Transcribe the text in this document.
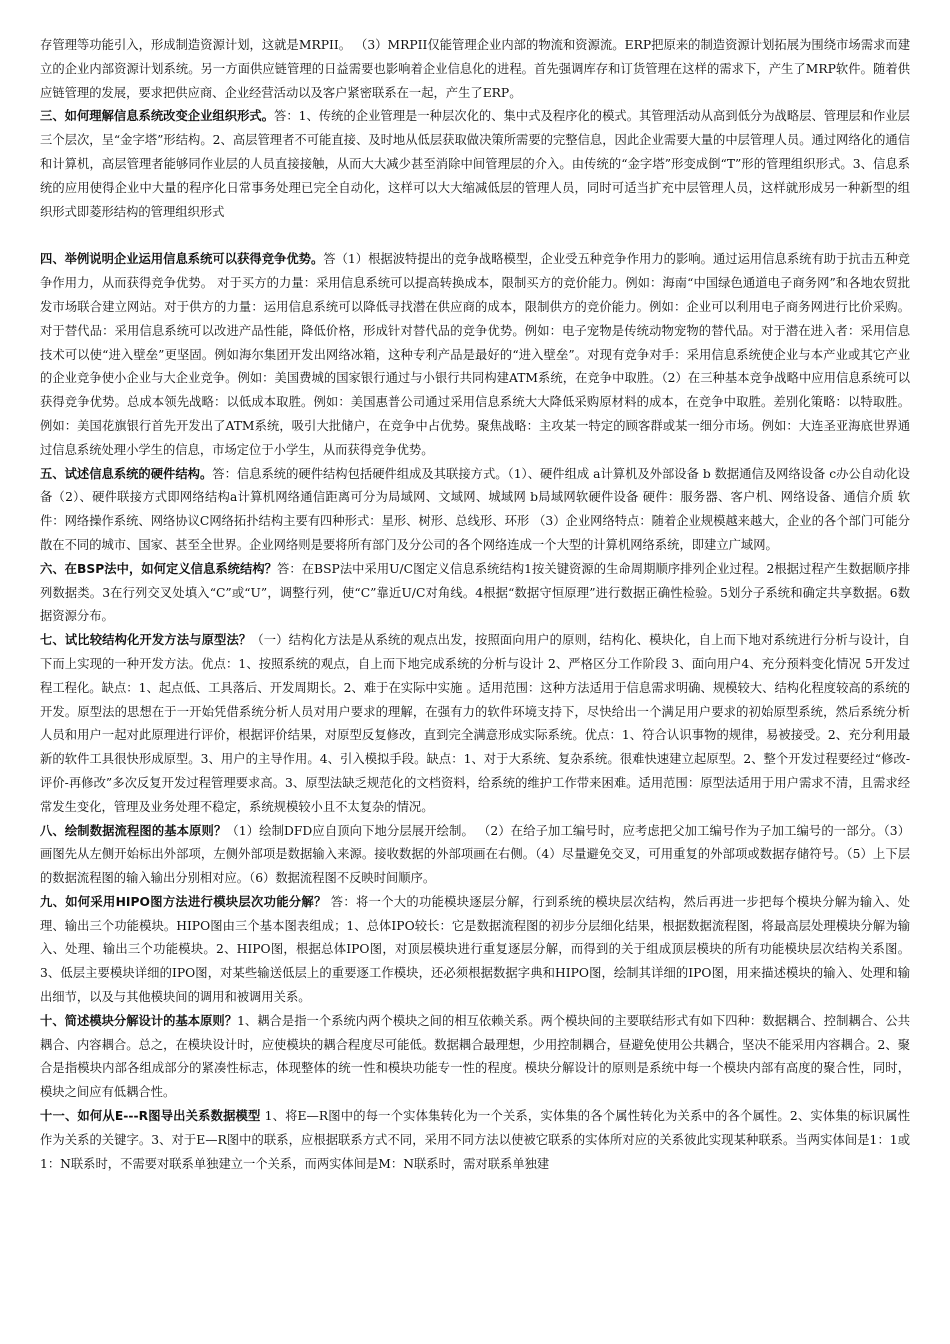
存管理等功能引入，形成制造资源计划，这就是MRPII。 （3）MRPII仅能管理企业内部的物流和资源流。ERP把原来的制造资源计划拓展为围绕市场需求而建立的企业内部资源计划系统。另一方面供应链管理的日益需要也影响着企业信息化的进程。首先强调库存和订货管理在这样的需求下，产生了MRP软件。随着供应链管理的发展，要求把供应商、企业经营活动以及客户紧密联系在一起，产生了ERP。

三、如何理解信息系统改变企业组织形式。答：1、传统的企业管理是一种层次化的、集中式及程序化的模式。其管理活动从高到低分为战略层、管理层和作业层三个层次，呈“金字塔”形结构。2、高层管理者不可能直接、及时地从低层获取做决策所需要的完整信息，因此企业需要大量的中层管理人员。通过网络化的通信和计算机，高层管理者能够同作业层的人员直接接触，从而大大减少甚至消除中间管理层的介入。由传统的“金字塔”形变成倒“T”形的管理组织形式。3、信息系统的应用使得企业中大量的程序化日常事务处理已完全自动化，这样可以大大缩减低层的管理人员，同时可适当扩充中层管理人员，这样就形成另一种新型的组织形式即菱形结构的管理组织形式

四、举例说明企业运用信息系统可以获得竞争优势。答（1）根据波特提出的竞争战略模型，企业受五种竞争作用力的影响。通过运用信息系统有助于抗击五种竞争作用力，从而获得竞争优势。 对于买方的力量：采用信息系统可以提高转换成本，限制买方的竞价能力。例如：海南“中国绿色通道电子商务网”和各地农贸批发市场联合建立网站。对于供方的力量：运用信息系统可以降低寻找潜在供应商的成本，限制供方的竞价能力。例如：企业可以利用电子商务网进行比价采购。对于替代品：采用信息系统可以改进产品性能，降低价格，形成针对替代品的竞争优势。例如：电子宠物是传统动物宠物的替代品。对于潜在进入者：采用信息技术可以使“进入壁垒”更坚固。例如海尔集团开发出网络冰箱，这种专利产品是最好的“进入壁垒”。对现有竞争对手：采用信息系统使企业与本产业或其它产业的企业竞争使小企业与大企业竞争。例如：美国费城的国家银行通过与小银行共同构建ATM系统，在竞争中取胜。（2）在三种基本竞争战略中应用信息系统可以获得竞争优势。总成本领先战略：以低成本取胜。例如：美国惠普公司通过采用信息系统大大降低采购原材料的成本，在竞争中取胜。差别化策略：以特取胜。例如：美国花旗银行首先开发出了ATM系统，吸引大批储户，在竞争中占优势。聚焦战略：主攻某一特定的顾客群或某一细分市场。例如：大连圣亚海底世界通过信息系统处理小学生的信息，市场定位于小学生，从而获得竞争优势。

五、试述信息系统的硬件结构。答：信息系统的硬件结构包括硬件组成及其联接方式。（1）、硬件组成 a计算机及外部设备 b 数据通信及网络设备 c办公自动化设备（2）、硬件联接方式即网络结构a计算机网络通信距离可分为局域网、文域网、城域网 b局域网软硬件设备 硬件：服务器、客户机、网络设备、通信介质 软件：网络操作系统、网络协议C网络拓扑结构主要有四种形式：星形、树形、总线形、环形 （3）企业网络特点：随着企业规模越来越大，企业的各个部门可能分散在不同的城市、国家、甚至全世界。企业网络则是要将所有部门及分公司的各个网络连成一个大型的计算机网络系统，即建立广域网。

六、在BSP法中，如何定义信息系统结构？答：在BSP法中采用U/C图定义信息系统结构1按关键资源的生命周期顺序排列企业过程。2根据过程产生数据顺序排列数据类。3在行列交叉处填入“C”或“U”，调整行列，使“C”靠近U/C对角线。4根据“数据守恒原理”进行数据正确性检验。5划分子系统和确定共享数据。6数据资源分布。

七、试比较结构化开发方法与原型法？（一）结构化方法是从系统的观点出发，按照面向用户的原则，结构化、模块化，自上而下地对系统进行分析与设计，自下而上实现的一种开发方法。优点：1、按照系统的观点，自上而下地完成系统的分析与设计 2、严格区分工作阶段 3、面向用户4、充分预料变化情况 5开发过程工程化。缺点：1、起点低、工具落后、开发周期长。2、难于在实际中实施 。适用范围：这种方法适用于信息需求明确、规模较大、结构化程度较高的系统的开发。原型法的思想在于一开始凭借系统分析人员对用户要求的理解，在强有力的软件环境支持下，尽快给出一个满足用户要求的初始原型系统，然后系统分析人员和用户一起对此原理进行评价，根据评价结果，对原型反复修改，直到完全满意形成实际系统。优点：1、符合认识事物的规律，易被接受。2、充分利用最新的软件工具很快形成原型。3、用户的主导作用。4、引入模拟手段。缺点：1、对于大系统、复杂系统。很难快速建立起原型。2、整个开发过程要经过“修改-评价-再修改”多次反复开发过程管理要求高。3、原型法缺乏规范化的文档资料，给系统的维护工作带来困难。适用范围：原型法适用于用户需求不清，且需求经常发生变化，管理及业务处理不稳定，系统规模较小且不太复杂的情况。

八、绘制数据流程图的基本原则？（1）绘制DFD应自顶向下地分层展开绘制。 （2）在给子加工编号时，应考虑把父加工编号作为子加工编号的一部分。（3）画图先从左侧开始标出外部项，左侧外部项是数据输入来源。接收数据的外部项画在右侧。（4）尽量避免交叉，可用重复的外部项或数据存储符号。（5）上下层的数据流程图的输入输出分别相对应。（6）数据流程图不反映时间顺序。

九、如何采用HIPO图方法进行模块层次功能分解？ 答：将一个大的功能模块逐层分解，行到系统的模块层次结构，然后再进一步把每个模块分解为输入、处理、输出三个功能模块。HIPO图由三个基本图表组成；1、总体IPO较长：它是数据流程图的初步分层细化结果，根据数据流程图，将最高层处理模块分解为输入、处理、输出三个功能模块。2、HIPO图，根据总体IPO图，对顶层模块进行重复逐层分解，而得到的关于组成顶层模块的所有功能模块层次结构关系图。3、低层主要模块详细的IPO图，对某些输送低层上的重要逐工作模块，还必须根据数据字典和HIPO图，绘制其详细的IPO图，用来描述模块的输入、处理和输出细节，以及与其他模块间的调用和被调用关系。

十、简述模块分解设计的基本原则？1、耦合是指一个系统内两个模块之间的相互依赖关系。两个模块间的主要联结形式有如下四种：数据耦合、控制耦合、公共耦合、内容耦合。总之，在模块设计时，应使模块的耦合程度尽可能低。数据耦合最理想，少用控制耦合，昼避免使用公共耦合，坚决不能采用内容耦合。2、聚合是指模块内部各组成部分的紧凑性标志，体现整体的统一性和模块功能专一性的程度。模块分解设计的原则是系统中每一个模块内部有高度的聚合性，同时，模块之间应有低耦合性。

十一、如何从E---R图导出关系数据模型 1、将E—R图中的每一个实体集转化为一个关系，实体集的各个属性转化为关系中的各个属性。2、实体集的标识属性作为关系的关键字。3、对于E—R图中的联系，应根据联系方式不同，采用不同方法以使被它联系的实体所对应的关系彼此实现某种联系。当两实体间是1：1或1：N联系时，不需要对联系单独建立一个关系，而两实体间是M：N联系时，需对联系单独建
